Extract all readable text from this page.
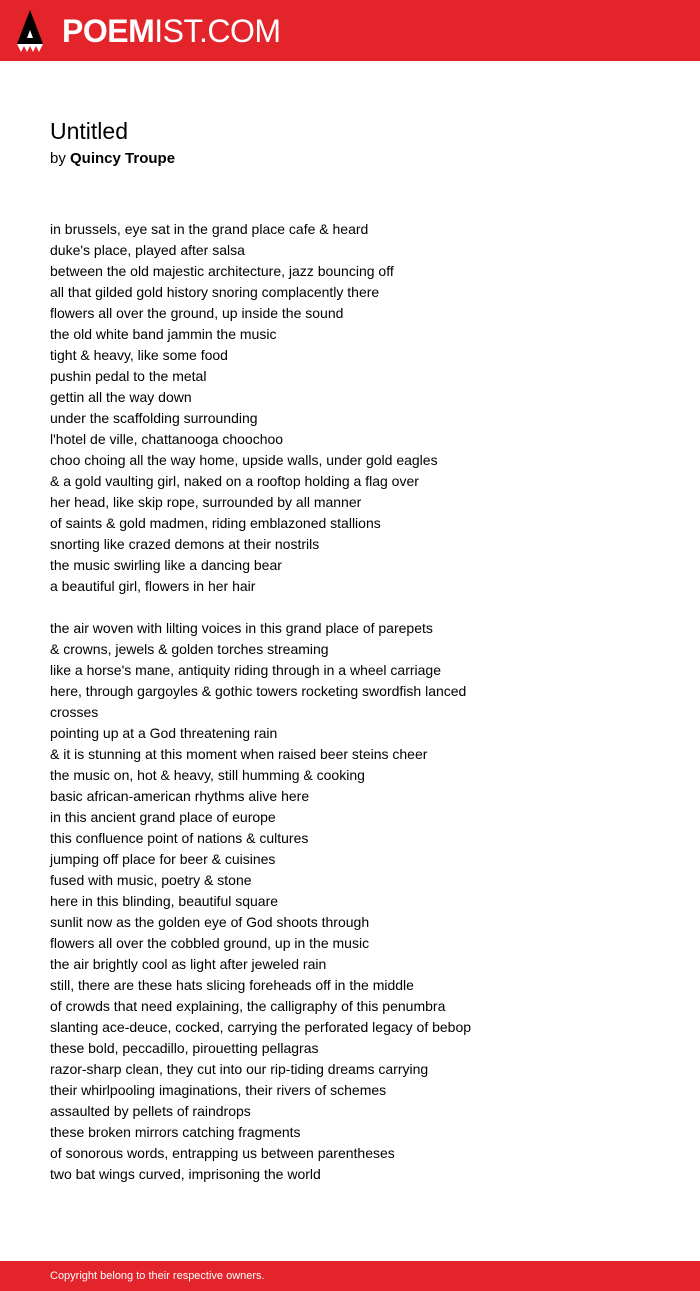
POEMIST.COM
Untitled
by Quincy Troupe
in brussels, eye sat in the grand place cafe & heard
duke's place, played after salsa
between the old majestic architecture, jazz bouncing off
all that gilded gold history snoring complacently there
flowers all over the ground, up inside the sound
the old white band jammin the music
tight & heavy, like some food
pushin pedal to the metal
gettin all the way down
under the scaffolding surrounding
l'hotel de ville, chattanooga choochoo
choo choing all the way home, upside walls, under gold eagles
& a gold vaulting girl, naked on a rooftop holding a flag over
her head, like skip rope, surrounded by all manner
of saints & gold madmen, riding emblazoned stallions
snorting like crazed demons at their nostrils
the music swirling like a dancing bear
a beautiful girl, flowers in her hair
the air woven with lilting voices in this grand place of parepets
& crowns, jewels & golden torches streaming
like a horse's mane, antiquity riding through in a wheel carriage
here, through gargoyles & gothic towers rocketing swordfish lanced
crosses
pointing up at a God threatening rain
& it is stunning at this moment when raised beer steins cheer
the music on, hot & heavy, still humming & cooking
basic african-american rhythms alive here
in this ancient grand place of europe
this confluence point of nations & cultures
jumping off place for beer & cuisines
fused with music, poetry & stone
here in this blinding, beautiful square
sunlit now as the golden eye of God shoots through
flowers all over the cobbled ground, up in the music
the air brightly cool as light after jeweled rain
still, there are these hats slicing foreheads off in the middle
of crowds that need explaining, the calligraphy of this penumbra
slanting ace-deuce, cocked, carrying the perforated legacy of bebop
these bold, peccadillo, pirouetting pellagras
razor-sharp clean, they cut into our rip-tiding dreams carrying
their whirlpooling imaginations, their rivers of schemes
assaulted by pellets of raindrops
these broken mirrors catching fragments
of sonorous words, entrapping us between parentheses
two bat wings curved, imprisoning the world
Copyright belong to their respective owners.
